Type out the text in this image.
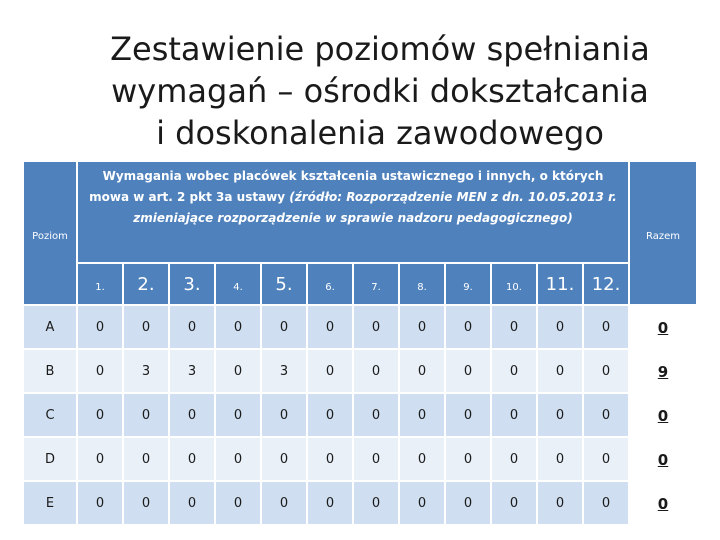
Zestawienie poziomów spełniania
wymagań – ośrodki dokształcania
i doskonalenia zawodowego
Poziom	Wymagania wobec placówek kształcenia ustawicznego i innych, o których mowa w art. 2 pkt 3a ustawy (źródło: Rozporządzenie MEN z dn. 10.05.2013 r. zmieniające rozporządzenie w sprawie nadzoru pedagogicznego)												Razem
	1.	2.	3.	4.	5.	6.	7.	8.	9.	10.	11.	12.	
A	0	0	0	0	0	0	0	0	0	0	0	0	0
B	0	3	3	0	3	0	0	0	0	0	0	0	9
C	0	0	0	0	0	0	0	0	0	0	0	0	0
D	0	0	0	0	0	0	0	0	0	0	0	0	0
E	0	0	0	0	0	0	0	0	0	0	0	0	0
